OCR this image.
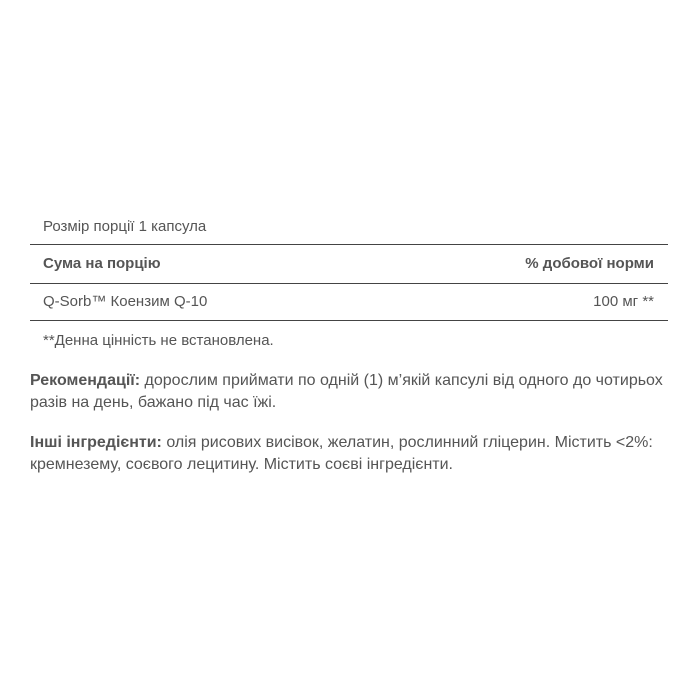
Розмір порції 1 капсула
Сума на порцію	% добової норми
Q-Sorb™ Коензим Q-10	100 мг **
**Денна цінність не встановлена.
Рекомендації: дорослим приймати по одній (1) м’якій капсулі від одного до чотирьох разів на день, бажано під час їжі.
Інші інгредієнти: олія рисових висівок, желатин, рослинний гліцерин. Містить <2%: кремнезему, соєвого лецитину. Містить соєві інгредієнти.
